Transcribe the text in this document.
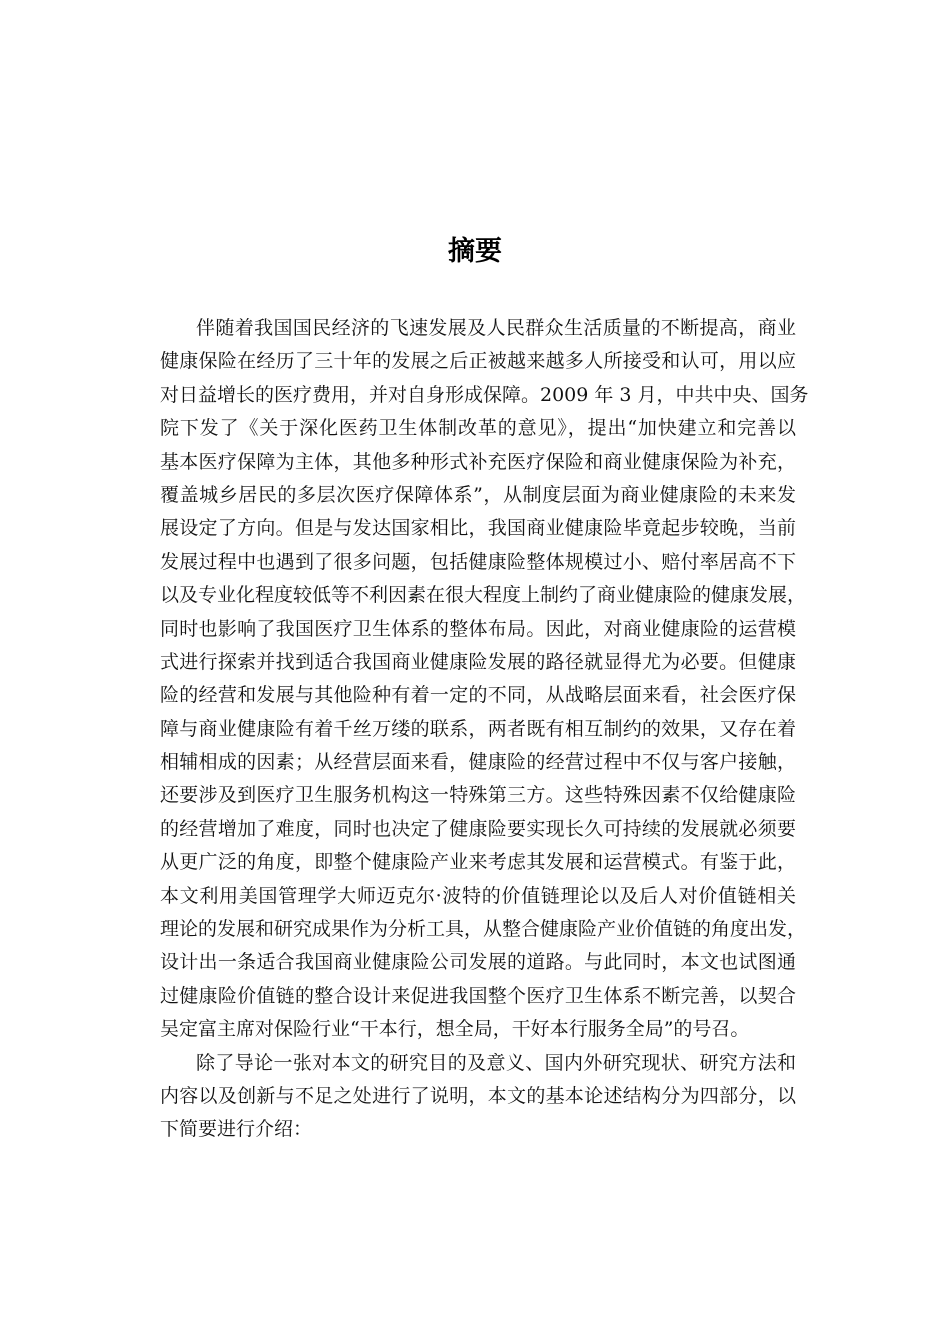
摘要
伴随着我国国民经济的飞速发展及人民群众生活质量的不断提高，商业
健康保险在经历了三十年的发展之后正被越来越多人所接受和认可，用以应
对日益增长的医疗费用，并对自身形成保障。2009 年 3 月，中共中央、国务
院下发了《关于深化医药卫生体制改革的意见》，提出“加快建立和完善以
基本医疗保障为主体，其他多种形式补充医疗保险和商业健康保险为补充，
覆盖城乡居民的多层次医疗保障体系”，从制度层面为商业健康险的未来发
展设定了方向。但是与发达国家相比，我国商业健康险毕竟起步较晚，当前
发展过程中也遇到了很多问题，包括健康险整体规模过小、赔付率居高不下
以及专业化程度较低等不利因素在很大程度上制约了商业健康险的健康发展，
同时也影响了我国医疗卫生体系的整体布局。因此，对商业健康险的运营模
式进行探索并找到适合我国商业健康险发展的路径就显得尤为必要。但健康
险的经营和发展与其他险种有着一定的不同，从战略层面来看，社会医疗保
障与商业健康险有着千丝万缕的联系，两者既有相互制约的效果，又存在着
相辅相成的因素；从经营层面来看，健康险的经营过程中不仅与客户接触，
还要涉及到医疗卫生服务机构这一特殊第三方。这些特殊因素不仅给健康险
的经营增加了难度，同时也决定了健康险要实现长久可持续的发展就必须要
从更广泛的角度，即整个健康险产业来考虑其发展和运营模式。有鉴于此，
本文利用美国管理学大师迈克尔·波特的价值链理论以及后人对价值链相关
理论的发展和研究成果作为分析工具，从整合健康险产业价值链的角度出发，
设计出一条适合我国商业健康险公司发展的道路。与此同时，本文也试图通
过健康险价值链的整合设计来促进我国整个医疗卫生体系不断完善，以契合
吴定富主席对保险行业“干本行，想全局，干好本行服务全局”的号召。
除了导论一张对本文的研究目的及意义、国内外研究现状、研究方法和
内容以及创新与不足之处进行了说明，本文的基本论述结构分为四部分，以
下简要进行介绍：
